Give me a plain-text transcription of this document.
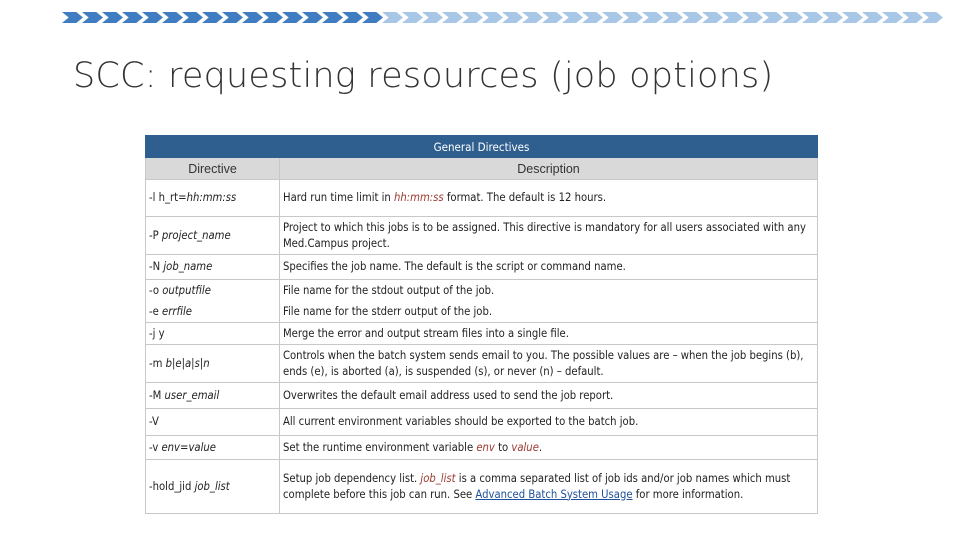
SCC: requesting resources (job options)
General Directives	
Directive	Description
-l h_rt=hh:mm:ss	Hard run time limit in hh:mm:ss format. The default is 12 hours.
-P project_name	Project to which this jobs is to be assigned. This directive is mandatory for all users associated with any Med.Campus project.
-N job_name	Specifies the job name. The default is the script or command name.
-o outputfile	File name for the stdout output of the job.
-e errfile	File name for the stderr output of the job.
-j y	Merge the error and output stream files into a single file.
-m b|e|a|s|n	Controls when the batch system sends email to you. The possible values are – when the job begins (b), ends (e), is aborted (a), is suspended (s), or never (n) – default.
-M user_email	Overwrites the default email address used to send the job report.
-V	All current environment variables should be exported to the batch job.
-v env=value	Set the runtime environment variable env to value.
-hold_jid job_list	Setup job dependency list. job_list is a comma separated list of job ids and/or job names which must complete before this job can run. See Advanced Batch System Usage for more information.
